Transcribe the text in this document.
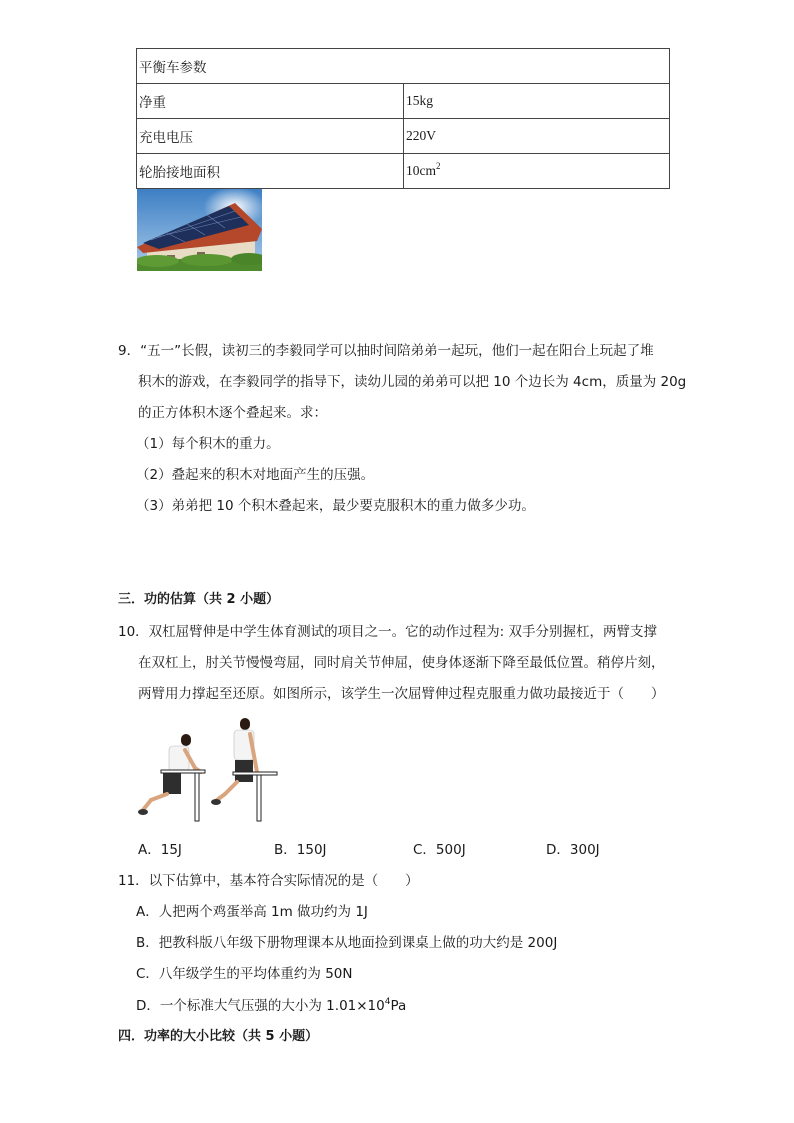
平衡车参数	
净重	15kg
充电电压	220V
轮胎接地面积	$10cm^2$
9．“五一”长假，读初三的李毅同学可以抽时间陪弟弟一起玩，他们一起在阳台上玩起了堆
积木的游戏，在李毅同学的指导下，读幼儿园的弟弟可以把 10 个边长为 4cm，质量为 20g
的正方体积木逐个叠起来。求：
（1）每个积木的重力。
（2）叠起来的积木对地面产生的压强。
（3）弟弟把 10 个积木叠起来，最少要克服积木的重力做多少功。
三．功的估算（共 2 小题）
10．双杠屈臂伸是中学生体育测试的项目之一。它的动作过程为: 双手分别握杠，两臂支撑
在双杠上，肘关节慢慢弯屈，同时肩关节伸屈，使身体逐渐下降至最低位置。稍停片刻，
两臂用力撑起至还原。如图所示，该学生一次屈臂伸过程克服重力做功最接近于（　　）
A．15J	B．150J	C．500J	D．300J
11．以下估算中，基本符合实际情况的是（　　）
A．人把两个鸡蛋举高 1m 做功约为 1J
B．把教科版八年级下册物理课本从地面捡到课桌上做的功大约是 200J
C．八年级学生的平均体重约为 50N
D．一个标准大气压强的大小为 $1.01\times 10^4Pa$
四．功率的大小比较（共 5 小题）
